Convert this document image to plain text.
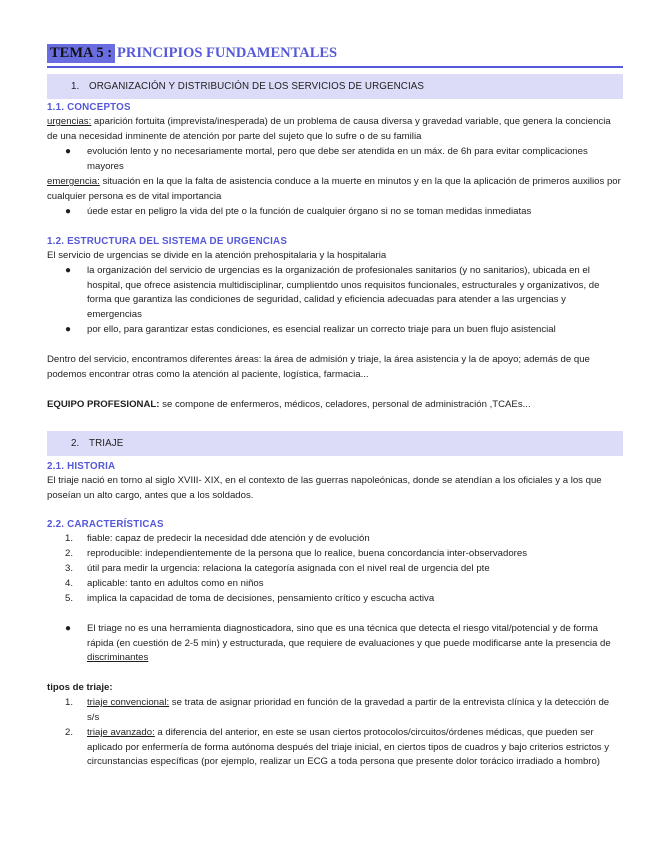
TEMA 5 : PRINCIPIOS FUNDAMENTALES
1. ORGANIZACIÓN Y DISTRIBUCIÓN DE LOS SERVICIOS DE URGENCIAS
1.1. CONCEPTOS
urgencias: aparición fortuita (imprevista/inesperada) de un problema de causa diversa y gravedad variable, que genera la conciencia de una necesidad inminente de atención por parte del sujeto que lo sufre o de su familia
● evolución lento y no necesariamente mortal, pero que debe ser atendida en un máx. de 6h para evitar complicaciones mayores
emergencia: situación en la que la falta de asistencia conduce a la muerte en minutos y en la que la aplicación de primeros auxilios por cualquier persona es de vital importancia
● úede estar en peligro la vida del pte o la función de cualquier órgano si no se toman medidas inmediatas
1.2. ESTRUCTURA DEL SISTEMA DE URGENCIAS
El servicio de urgencias se divide en la atención prehospitalaria y la hospitalaria
● la organización del servicio de urgencias es la organización de profesionales sanitarios (y no sanitarios), ubicada en el hospital, que ofrece asistencia multidisciplinar, cumplientdo unos requisitos funcionales, estructurales y organizativos, de forma que garantiza las condiciones de seguridad, calidad y eficiencia adecuadas para atender a las urgencias y emergencias
● por ello, para garantizar estas condiciones, es esencial realizar un correcto triaje para un buen flujo asistencial
Dentro del servicio, encontramos diferentes áreas: la área de admisión y triaje, la área asistencia y la de apoyo; además de que podemos encontrar otras como la atención al paciente, logística, farmacia...
EQUIPO PROFESIONAL: se compone de enfermeros, médicos, celadores, personal de administración ,TCAEs...
2. TRIAJE
2.1. HISTORIA
El triaje nació en torno al siglo XVIII- XIX, en el contexto de las guerras napoleónicas, donde se atendían a los oficiales y a los que poseían un alto cargo, antes que a los soldados.
2.2. CARACTERÍSTICAS
1. fiable: capaz de predecir la necesidad dde atención y de evolución
2. reproducible: independientemente de la persona que lo realice, buena concordancia inter-observadores
3. útil para medir la urgencia: relaciona la categoría asignada con el nivel real de urgencia del pte
4. aplicable: tanto en adultos como en niños
5. implica la capacidad de toma de decisiones, pensamiento crítico y escucha activa
● El triage no es una herramienta diagnosticadora, sino que es una técnica que detecta el riesgo vital/potencial y de forma rápida (en cuestión de 2-5 min) y estructurada, que requiere de evaluaciones y que puede modificarse ante la presencia de discriminantes
tipos de triaje:
1. triaje convencional: se trata de asignar prioridad en función de la gravedad a partir de la entrevista clínica y la detección de s/s
2. triaje avanzado: a diferencia del anterior, en este se usan ciertos protocolos/circuitos/órdenes médicas, que pueden ser aplicado por enfermería de forma autónoma después del triaje inicial, en ciertos tipos de cuadros y bajo criterios estrictos y circunstancias específicas (por ejemplo, realizar un ECG a toda persona que presente dolor torácico irradiado a hombro)
